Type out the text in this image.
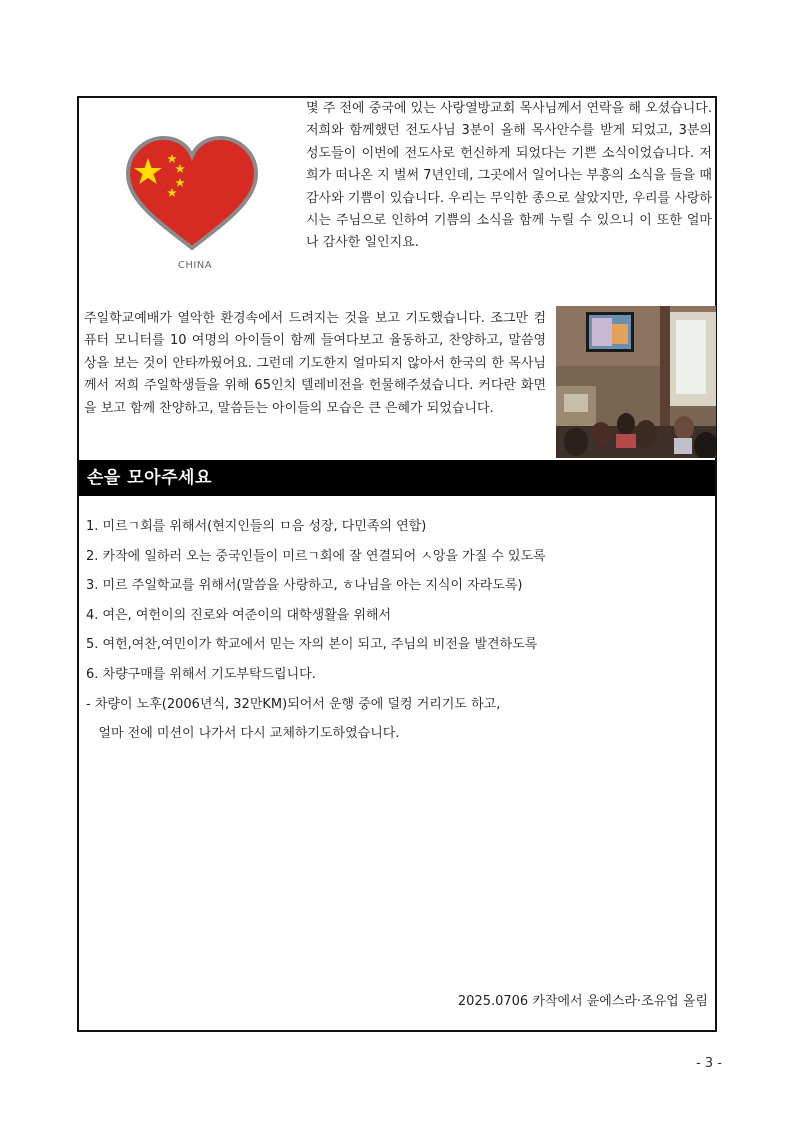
CHINA

몇 주 전에 중국에 있는 사랑열방교회 목사님께서 연락을 해 오셨습니다. 저희와 함께했던 전도사님 3분이 올해 목사안수를 받게 되었고, 3분의 성도들이 이번에 전도사로 헌신하게 되었다는 기쁜 소식이었습니다. 저희가 떠나온 지 벌써 7년인데, 그곳에서 일어나는 부흥의 소식을 들을 때 감사와 기쁨이 있습니다. 우리는 무익한 종으로 살았지만, 우리를 사랑하시는 주님으로 인하여 기쁨의 소식을 함께 누릴 수 있으니 이 또한 얼마나 감사한 일인지요.

주일학교예배가 열악한 환경속에서 드려지는 것을 보고 기도했습니다. 조그만 컴퓨터 모니터를 10 여명의 아이들이 함께 들여다보고 율동하고, 찬양하고, 말씀영상을 보는 것이 안타까웠어요. 그런데 기도한지 얼마되지 않아서 한국의 한 목사님께서 저희 주일학생들을 위해 65인치 텔레비전을 헌물해주셨습니다. 커다란 화면을 보고 함께 찬양하고, 말씀듣는 아이들의 모습은 큰 은혜가 되었습니다.

손을 모아주세요
1. 미르ㄱ회를 위해서(현지인들의 ㅁ음 성장, 다민족의 연합)
2. 카작에 일하러 오는 중국인들이 미르ㄱ회에 잘 연결되어 ㅅ앙을 가질 수 있도록
3. 미르 주일학교를 위해서(말씀을 사랑하고, ㅎ나님을 아는 지식이 자라도록)
4. 여은, 여헌이의 진로와 여준이의 대학생활을 위해서
5. 여헌,여찬,여민이가 학교에서 믿는 자의 본이 되고, 주님의 비전을 발견하도록
6. 차량구매를 위해서 기도부탁드립니다.
- 차량이 노후(2006년식, 32만KM)되어서 운행 중에 덜컹 거리기도 하고,
얼마 전에 미션이 나가서 다시 교체하기도하였습니다.
2025.0706 카작에서 윤에스라·조유업 올림
- 3 -
